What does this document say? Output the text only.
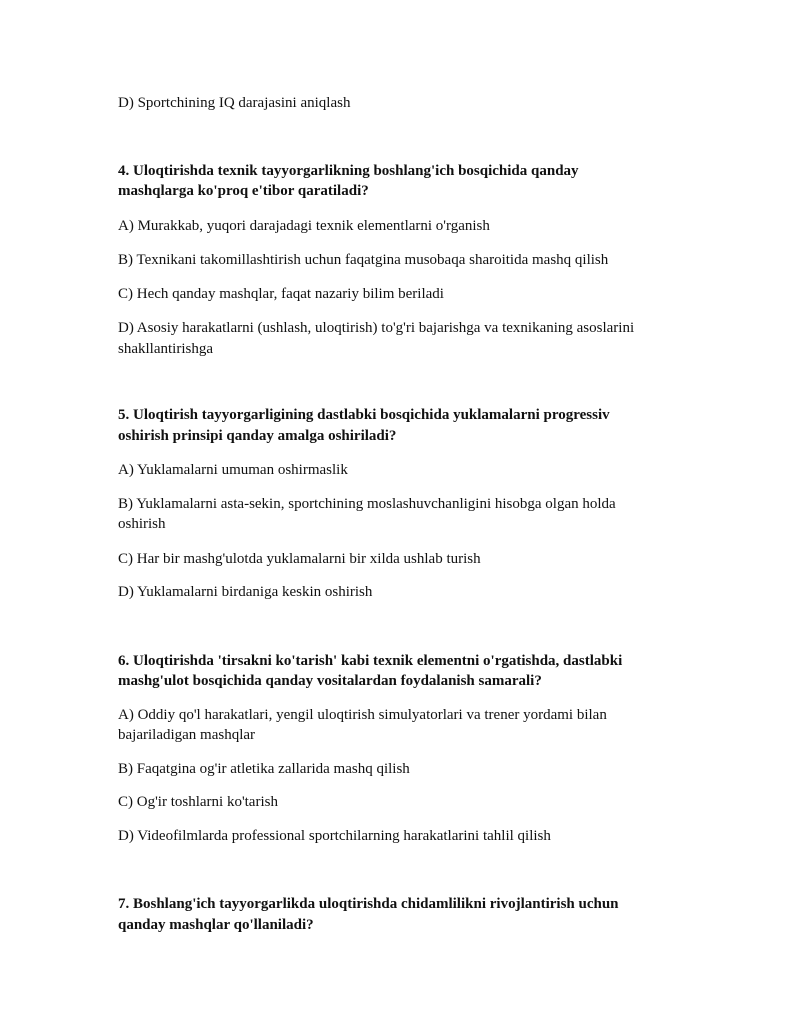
D) Sportchining IQ darajasini aniqlash
4. Uloqtirishda texnik tayyorgarlikning boshlang'ich bosqichida qanday
mashqlarga ko'proq e'tibor qaratiladi?
A) Murakkab, yuqori darajadagi texnik elementlarni o'rganish
B) Texnikani takomillashtirish uchun faqatgina musobaqa sharoitida mashq qilish
C) Hech qanday mashqlar, faqat nazariy bilim beriladi
D) Asosiy harakatlarni (ushlash, uloqtirish) to'g'ri bajarishga va texnikaning asoslarini
shakllantirishga
5. Uloqtirish tayyorgarligining dastlabki bosqichida yuklamalarni progressiv
oshirish prinsipi qanday amalga oshiriladi?
A) Yuklamalarni umuman oshirmaslik
B) Yuklamalarni asta-sekin, sportchining moslashuvchanligini hisobga olgan holda
oshirish
C) Har bir mashg'ulotda yuklamalarni bir xilda ushlab turish
D) Yuklamalarni birdaniga keskin oshirish
6. Uloqtirishda 'tirsakni ko'tarish' kabi texnik elementni o'rgatishda, dastlabki
mashg'ulot bosqichida qanday vositalardan foydalanish samarali?
A) Oddiy qo'l harakatlari, yengil uloqtirish simulyatorlari va trener yordami bilan
bajariladigan mashqlar
B) Faqatgina og'ir atletika zallarida mashq qilish
C) Og'ir toshlarni ko'tarish
D) Videofilmlarda professional sportchilarning harakatlarini tahlil qilish
7. Boshlang'ich tayyorgarlikda uloqtirishda chidamlilikni rivojlantirish uchun
qanday mashqlar qo'llaniladi?
